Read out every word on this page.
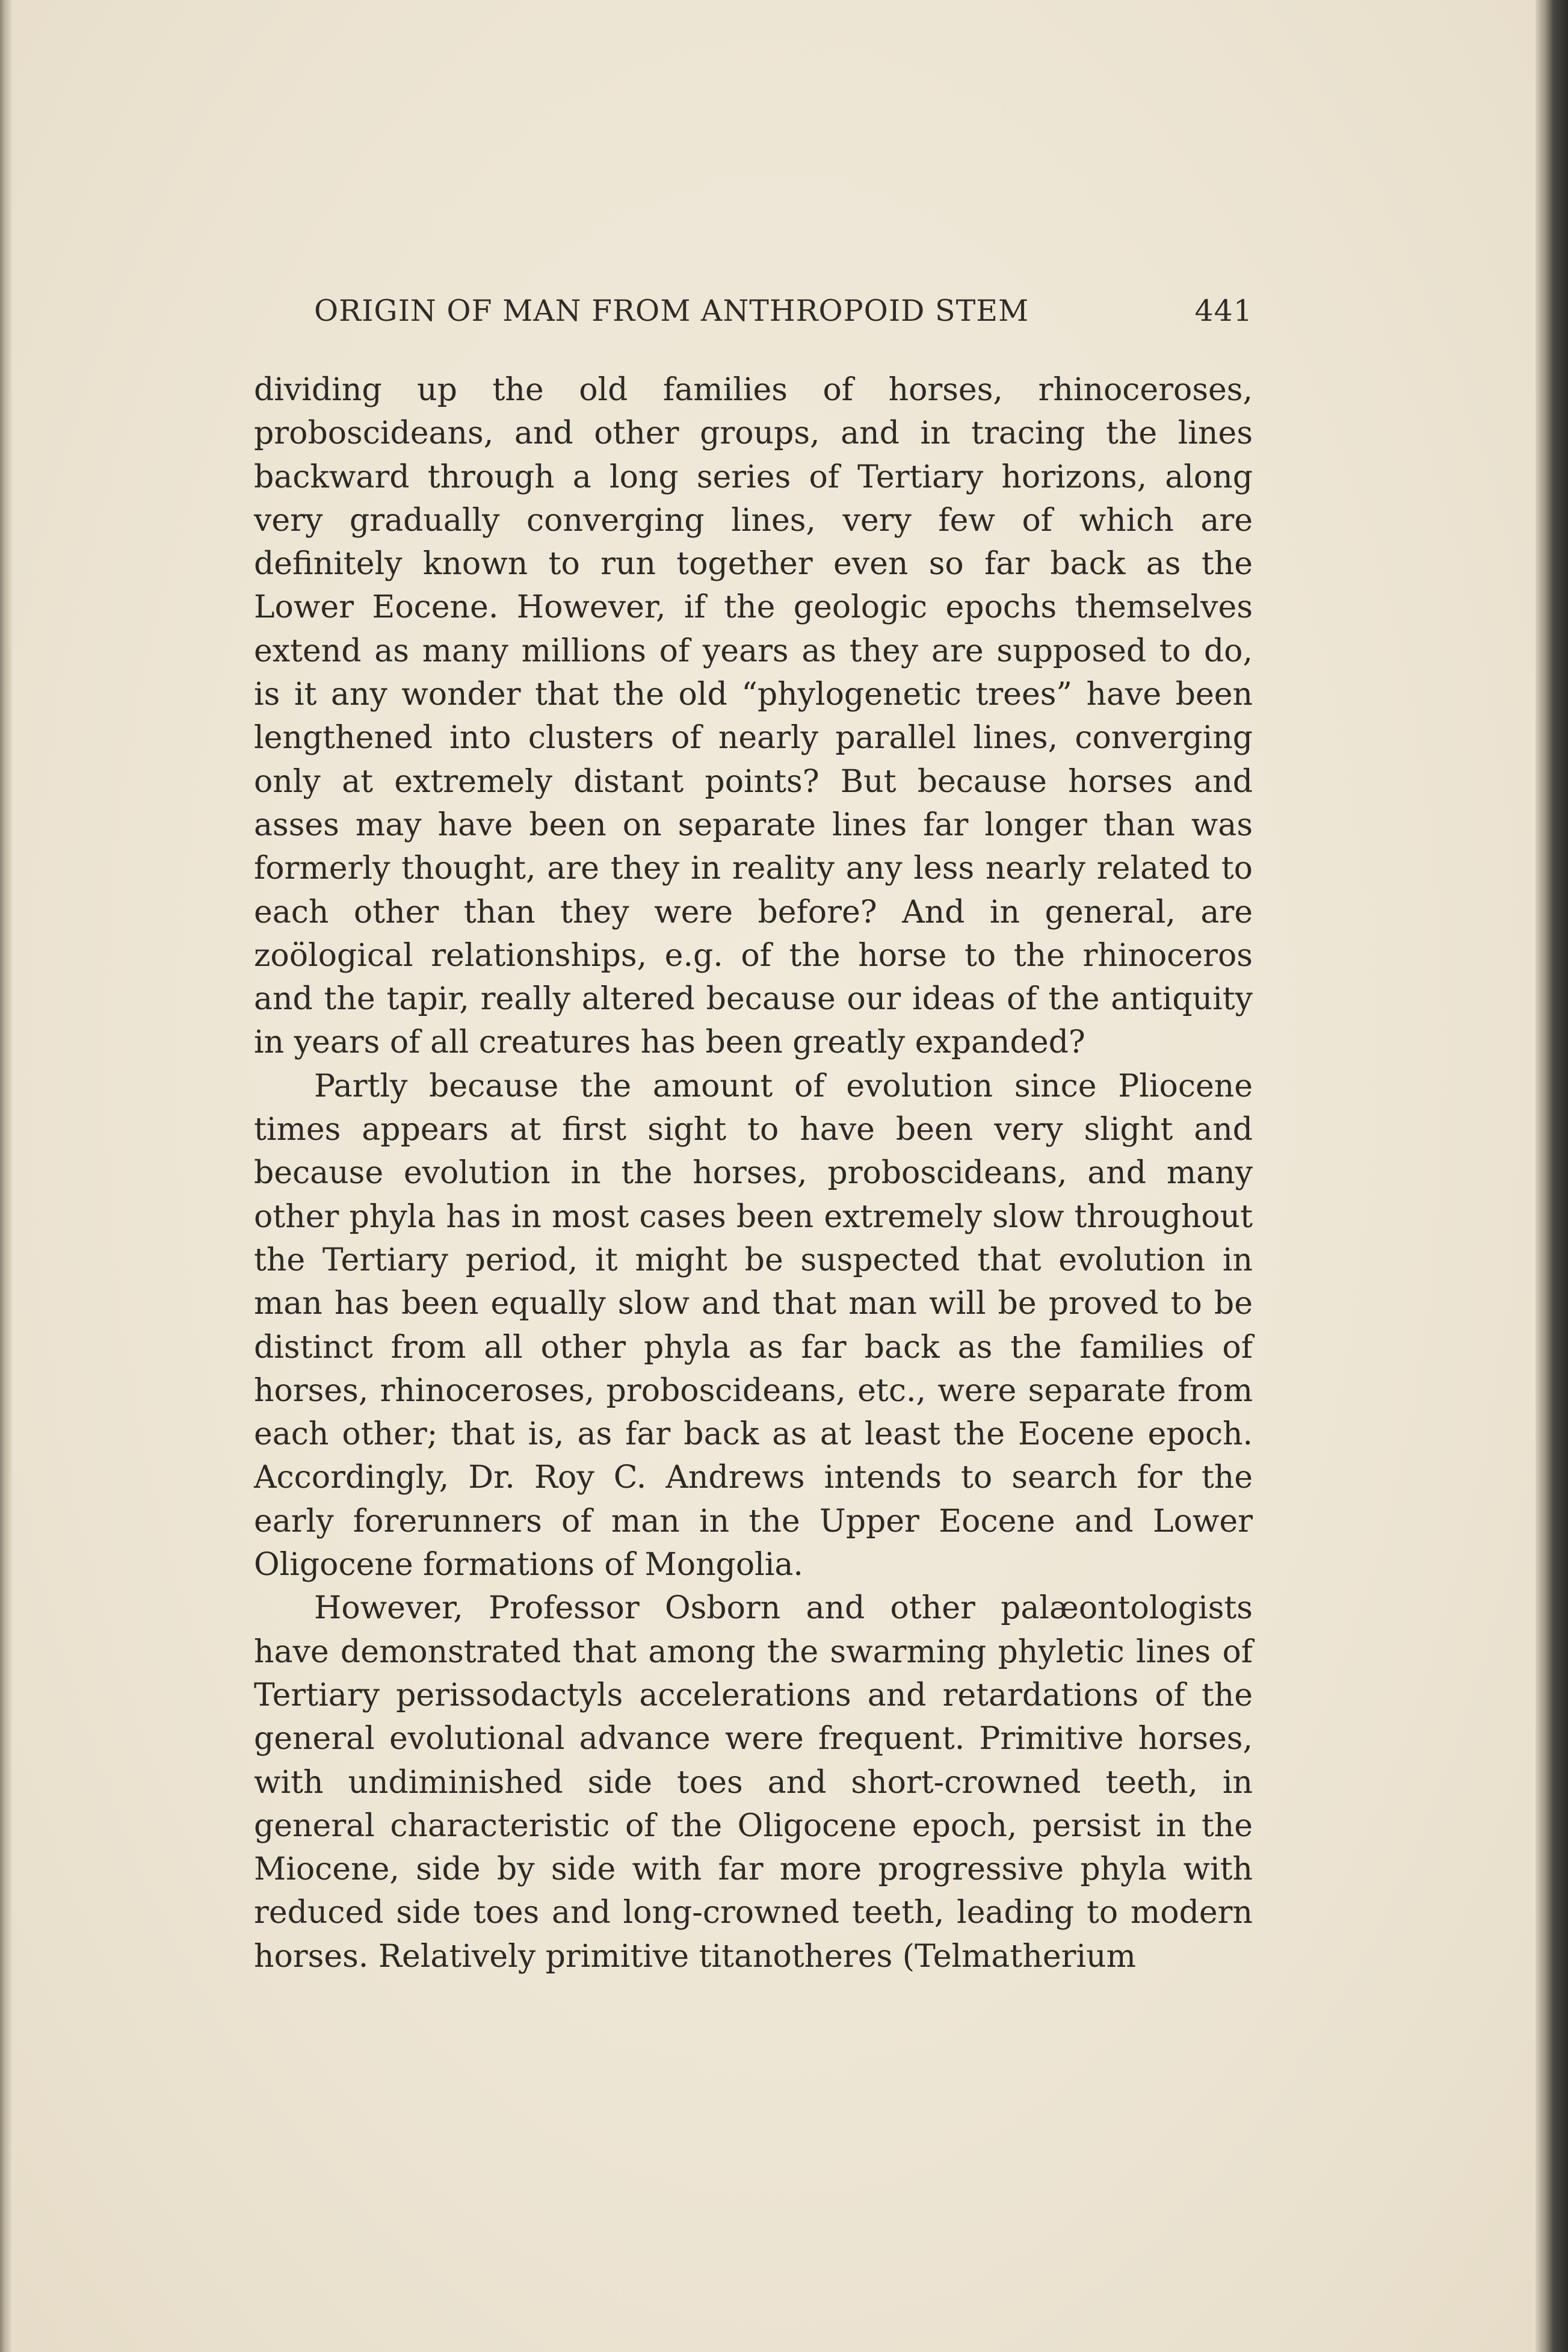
ORIGIN OF MAN FROM ANTHROPOID STEM	441

dividing up the old families of horses, rhinoceroses, proboscideans, and other groups, and in tracing the lines backward through a long series of Tertiary horizons, along very gradually converging lines, very few of which are definitely known to run together even so far back as the Lower Eocene. However, if the geologic epochs themselves extend as many millions of years as they are supposed to do, is it any wonder that the old “phylogenetic trees” have been lengthened into clusters of nearly parallel lines, converging only at extremely distant points? But because horses and asses may have been on separate lines far longer than was formerly thought, are they in reality any less nearly related to each other than they were before? And in general, are zoölogical relationships, e.g. of the horse to the rhinoceros and the tapir, really altered because our ideas of the antiquity in years of all creatures has been greatly expanded?

Partly because the amount of evolution since Pliocene times appears at first sight to have been very slight and because evolution in the horses, proboscideans, and many other phyla has in most cases been extremely slow throughout the Tertiary period, it might be suspected that evolution in man has been equally slow and that man will be proved to be distinct from all other phyla as far back as the families of horses, rhinoceroses, proboscideans, etc., were separate from each other; that is, as far back as at least the Eocene epoch. Accordingly, Dr. Roy C. Andrews intends to search for the early forerunners of man in the Upper Eocene and Lower Oligocene formations of Mongolia.

However, Professor Osborn and other palæontologists have demonstrated that among the swarming phyletic lines of Tertiary perissodactyls accelerations and retardations of the general evolutional advance were frequent. Primitive horses, with undiminished side toes and short-crowned teeth, in general characteristic of the Oligocene epoch, persist in the Miocene, side by side with far more progressive phyla with reduced side toes and long-crowned teeth, leading to modern horses. Relatively primitive titanotheres (Telmatherium
